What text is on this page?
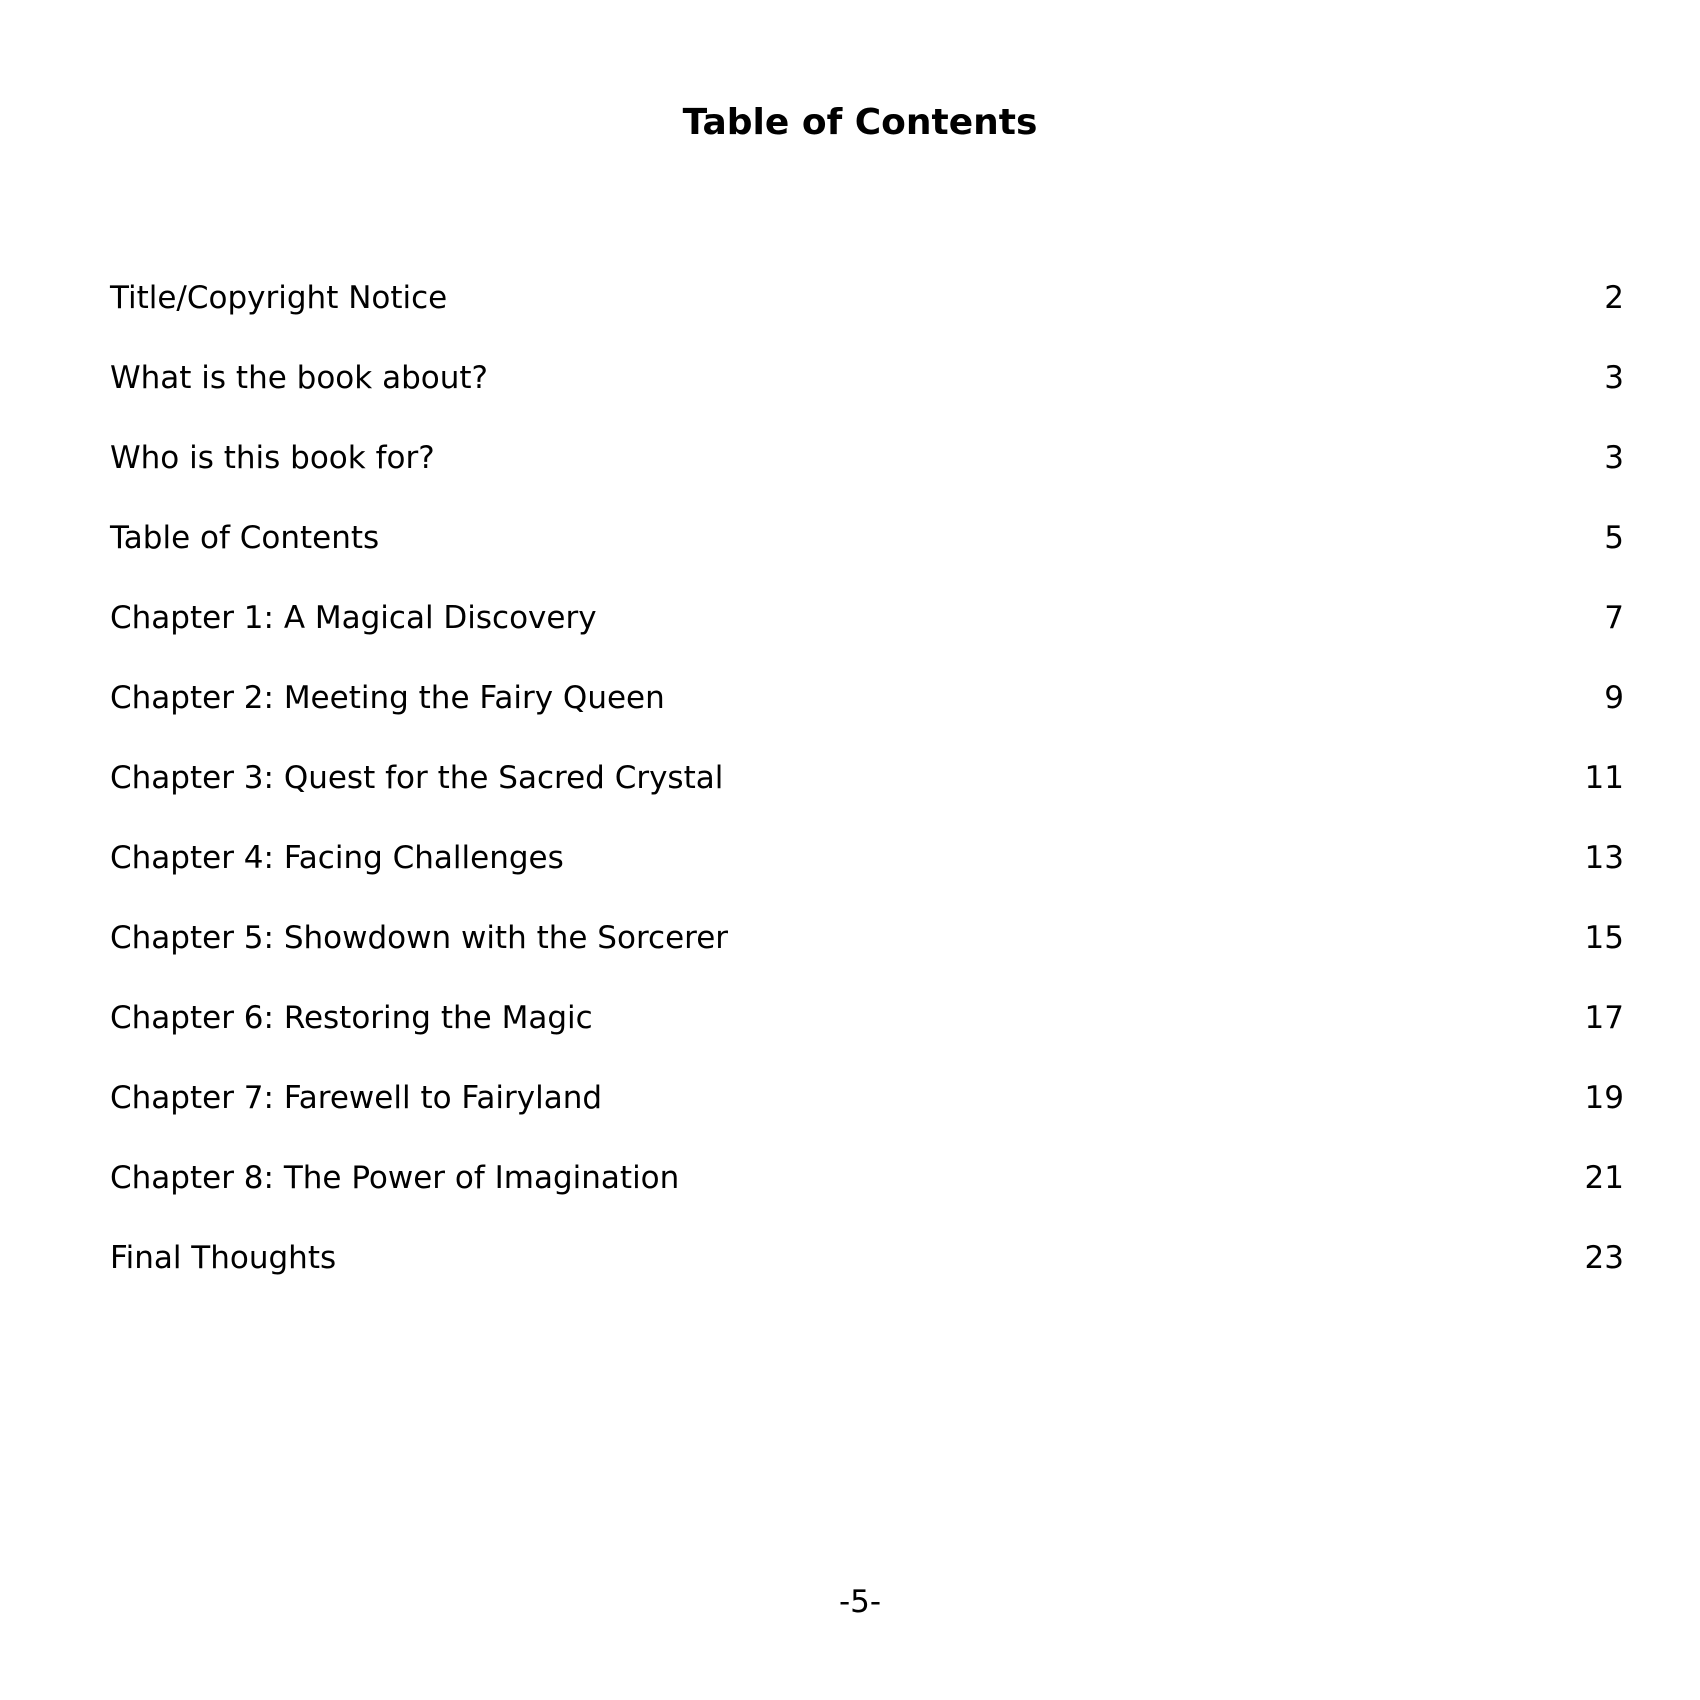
Table of Contents
Title/Copyright Notice	2
What is the book about?	3
Who is this book for?	3
Table of Contents	5
Chapter 1: A Magical Discovery	7
Chapter 2: Meeting the Fairy Queen	9
Chapter 3: Quest for the Sacred Crystal	11
Chapter 4: Facing Challenges	13
Chapter 5: Showdown with the Sorcerer	15
Chapter 6: Restoring the Magic	17
Chapter 7: Farewell to Fairyland	19
Chapter 8: The Power of Imagination	21
Final Thoughts	23
-5-
